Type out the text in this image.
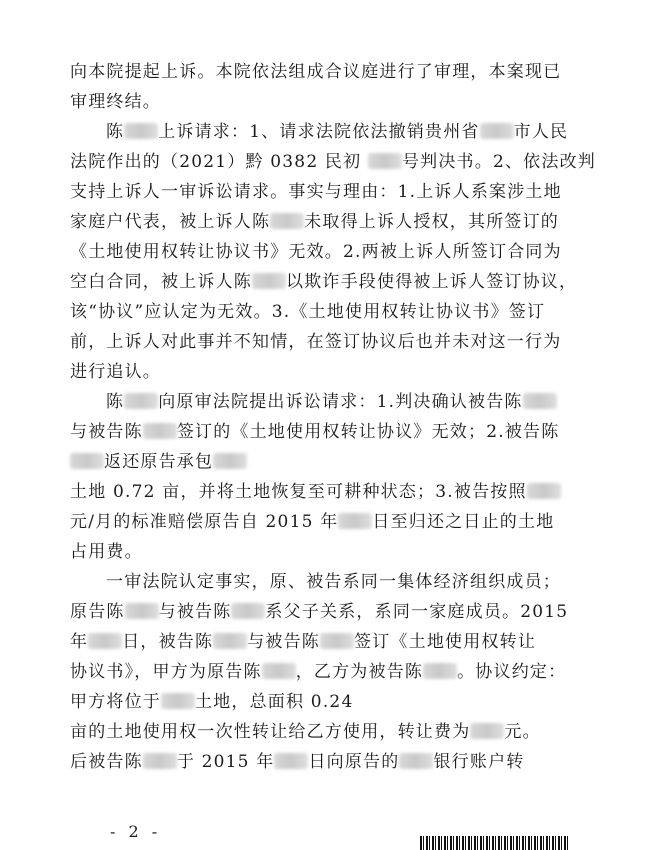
向本院提起上诉。本院依法组成合议庭进行了审理，本案现已
审理终结。
陈 上诉请求：1、请求法院依法撤销贵州省 市人民
法院作出的（2021）黔 0382 民初 号判决书。2、依法改判
支持上诉人一审诉讼请求。事实与理由：1.上诉人系案涉土地
家庭户代表，被上诉人陈 未取得上诉人授权，其所签订的
《土地使用权转让协议书》无效。2.两被上诉人所签订合同为
空白合同，被上诉人陈 以欺诈手段使得被上诉人签订协议，
该“协议”应认定为无效。3.《土地使用权转让协议书》签订
前，上诉人对此事并不知情，在签订协议后也并未对这一行为
进行追认。
陈 向原审法院提出诉讼请求：1.判决确认被告陈
与被告陈 签订的《土地使用权转让协议》无效；2.被告陈
返还原告承包
土地 0.72 亩，并将土地恢复至可耕种状态；3.被告按照
元/月的标准赔偿原告自 2015 年 日至归还之日止的土地
占用费。
一审法院认定事实，原、被告系同一集体经济组织成员；
原告陈 与被告陈 系父子关系，系同一家庭成员。2015
年 日，被告陈 与被告陈 签订《土地使用权转让
协议书》，甲方为原告陈 ，乙方为被告陈 。协议约定：
甲方将位于 土地，总面积 0.24
亩的土地使用权一次性转让给乙方使用，转让费为 元。
后被告陈 于 2015 年 日向原告的 银行账户转
- 2 -
